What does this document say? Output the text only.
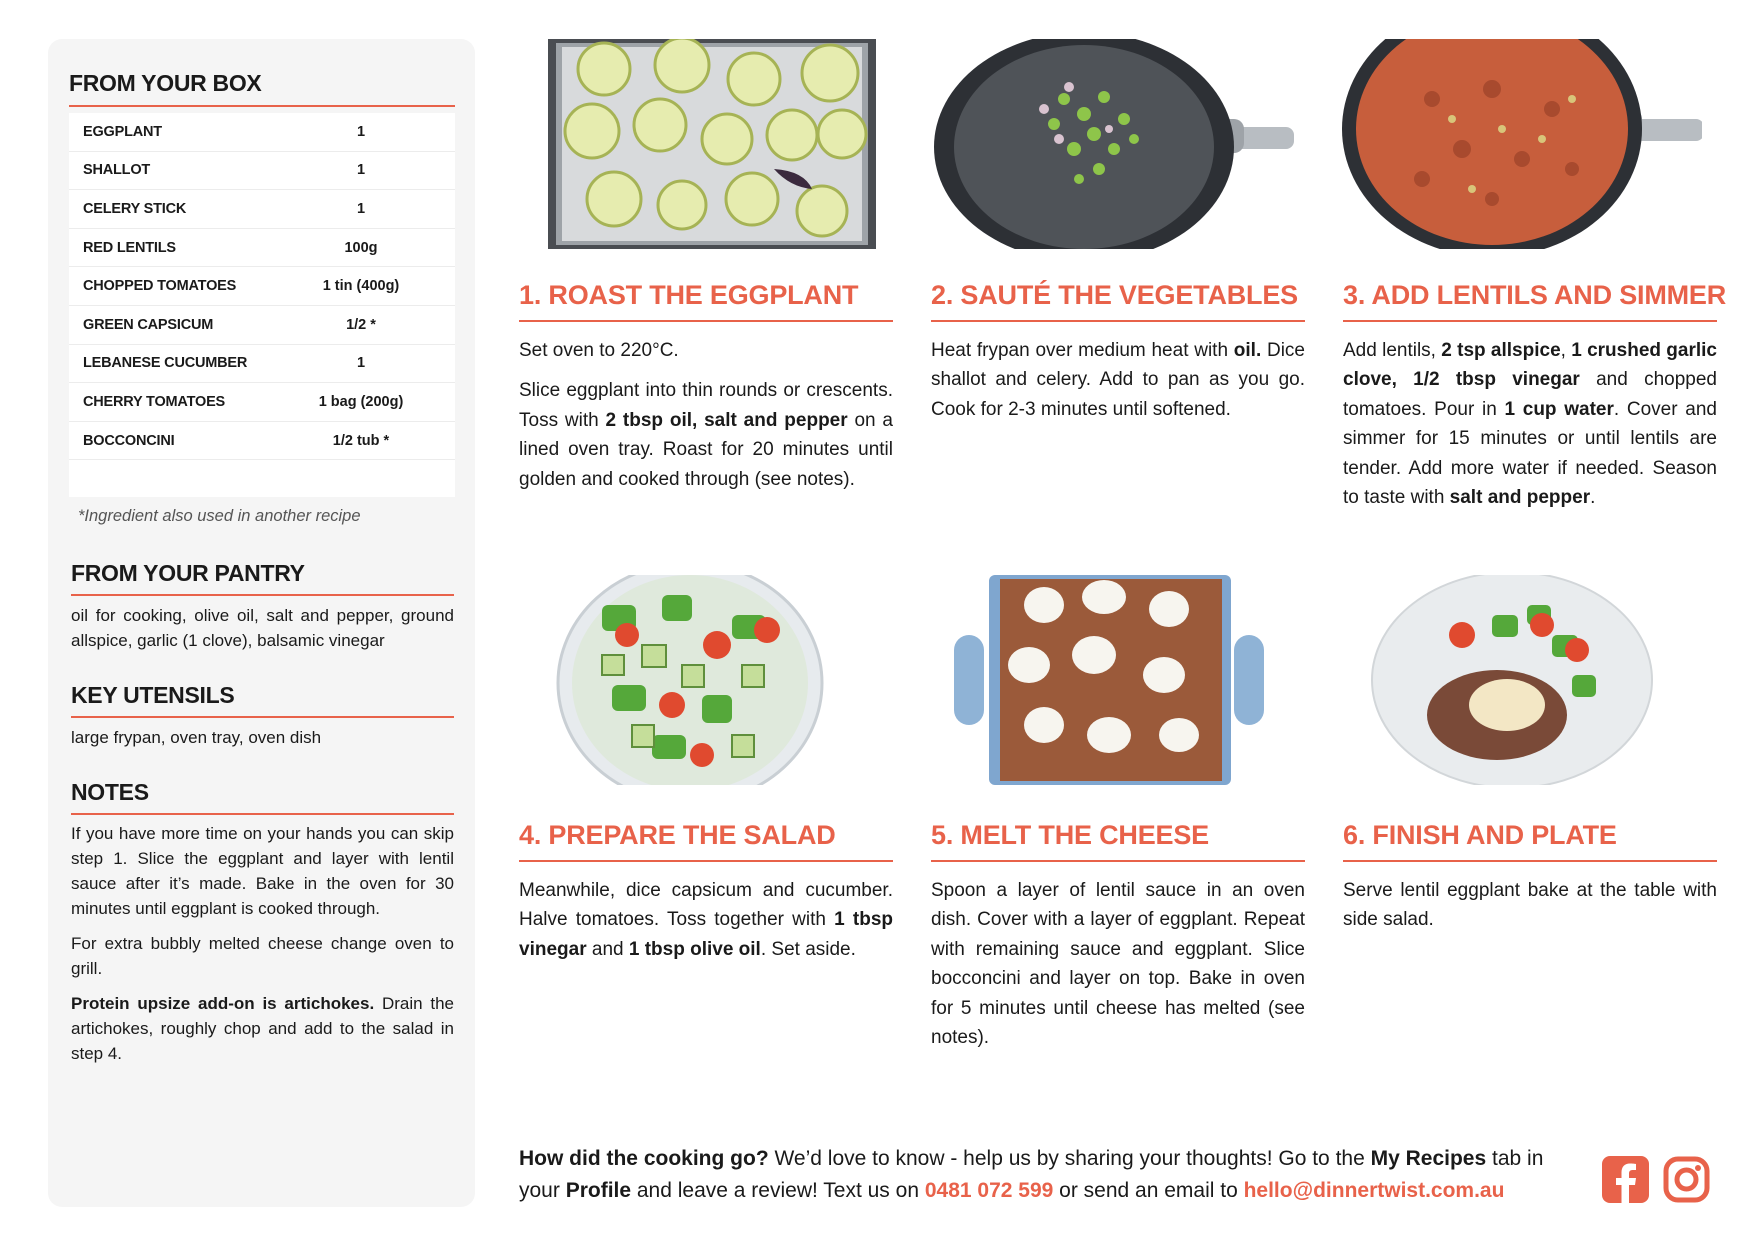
FROM YOUR BOX
EGGPLANT	1
SHALLOT	1
CELERY STICK	1
RED LENTILS	100g
CHOPPED TOMATOES	1 tin (400g)
GREEN CAPSICUM	1/2 *
LEBANESE CUCUMBER	1
CHERRY TOMATOES	1 bag (200g)
BOCCONCINI	1/2 tub *
*Ingredient also used in another recipe
FROM YOUR PANTRY
oil for cooking, olive oil, salt and pepper, ground allspice, garlic (1 clove), balsamic vinegar
KEY UTENSILS
large frypan, oven tray, oven dish
NOTES

If you have more time on your hands you can skip step 1. Slice the eggplant and layer with lentil sauce after it’s made. Bake in the oven for 30 minutes until eggplant is cooked through.

For extra bubbly melted cheese change oven to grill.

Protein upsize add-on is artichokes. Drain the artichokes, roughly chop and add to the salad in step 4.

1. ROAST THE EGGPLANT

Set oven to 220°C.

Slice eggplant into thin rounds or crescents. Toss with 2 tbsp oil, salt and pepper on a lined oven tray. Roast for 20 minutes until golden and cooked through (see notes).

2. SAUTÉ THE VEGETABLES

Heat frypan over medium heat with oil. Dice shallot and celery. Add to pan as you go. Cook for 2-3 minutes until softened.

3. ADD LENTILS AND SIMMER

Add lentils, 2 tsp allspice, 1 crushed garlic clove, 1/2 tbsp vinegar and chopped tomatoes. Pour in 1 cup water. Cover and simmer for 15 minutes or until lentils are tender. Add more water if needed. Season to taste with salt and pepper.

4. PREPARE THE SALAD

Meanwhile, dice capsicum and cucumber. Halve tomatoes. Toss together with 1 tbsp vinegar and 1 tbsp olive oil. Set aside.

5. MELT THE CHEESE

Spoon a layer of lentil sauce in an oven dish. Cover with a layer of eggplant. Repeat with remaining sauce and eggplant. Slice bocconcini and layer on top. Bake in oven for 5 minutes until cheese has melted (see notes).

6. FINISH AND PLATE

Serve lentil eggplant bake at the table with side salad.

How did the cooking go? We’d love to know - help us by sharing your thoughts! Go to the My Recipes tab in your Profile and leave a review! Text us on 0481 072 599 or send an email to hello@dinnertwist.com.au
